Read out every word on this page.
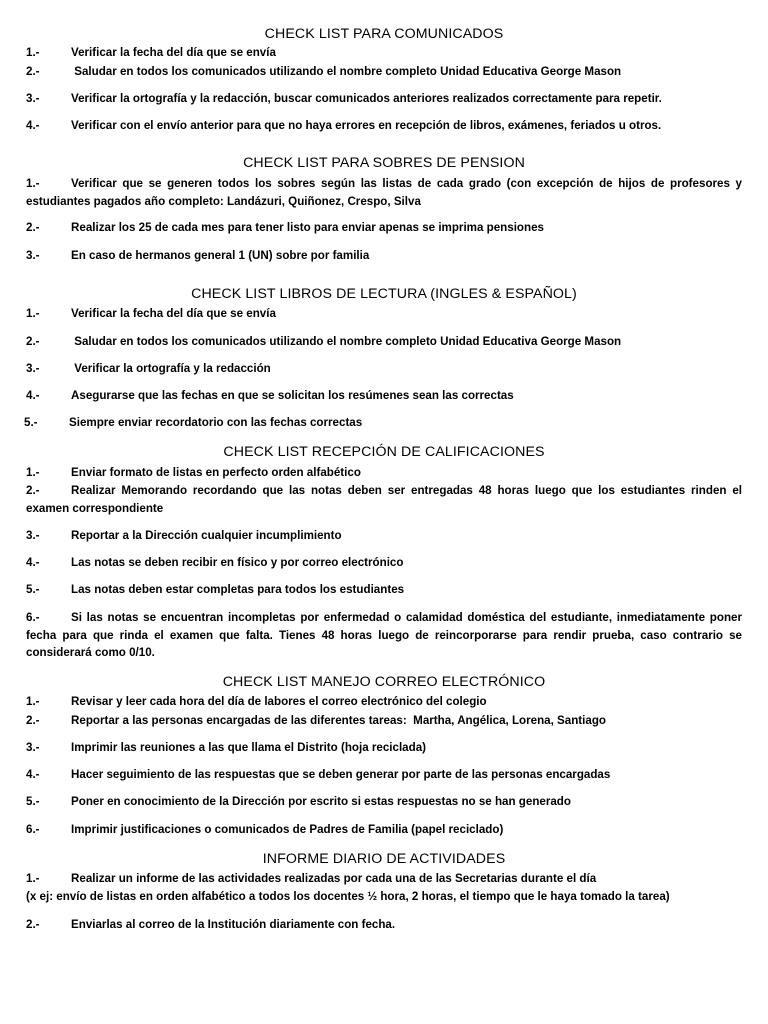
CHECK LIST PARA COMUNICADOS
1.-	Verificar la fecha del día que se envía
2.-	Saludar en todos los comunicados utilizando el nombre completo Unidad Educativa George Mason
3.-	Verificar la ortografía y la redacción, buscar comunicados anteriores realizados correctamente para repetir.
4.-	Verificar con el envío anterior para que no haya errores en recepción de libros, exámenes, feriados u otros.
CHECK LIST PARA SOBRES DE PENSION
1.-	Verificar que se generen todos los sobres según las listas de cada grado (con excepción de hijos de profesores y estudiantes pagados año completo: Landázuri, Quiñonez, Crespo, Silva
2.-	Realizar los 25 de cada mes para tener listo para enviar apenas se imprima pensiones
3.-	En caso de hermanos general 1 (UN) sobre por familia
CHECK LIST LIBROS DE LECTURA (INGLES & ESPAÑOL)
1.-	Verificar la fecha del día que se envía
2.-	Saludar en todos los comunicados utilizando el nombre completo Unidad Educativa George Mason
3.-	Verificar la ortografía y la redacción
4.-	Asegurarse que las fechas en que se solicitan los resúmenes sean las correctas
5.-	Siempre enviar recordatorio con las fechas correctas
CHECK LIST RECEPCIÓN DE CALIFICACIONES
1.-	Enviar formato de listas en perfecto orden alfabético
2.-	Realizar Memorando recordando que las notas deben ser entregadas 48 horas luego que los estudiantes rinden el examen correspondiente
3.-	Reportar a la Dirección cualquier incumplimiento
4.-	Las notas se deben recibir en físico y por correo electrónico
5.-	Las notas deben estar completas para todos los estudiantes
6.-	Si las notas se encuentran incompletas por enfermedad o calamidad doméstica del estudiante, inmediatamente poner fecha para que rinda el examen que falta. Tienes 48 horas luego de reincorporarse para rendir prueba, caso contrario se considerará como 0/10.
CHECK LIST MANEJO CORREO ELECTRÓNICO
1.-	Revisar y leer cada hora del día de labores el correo electrónico del colegio
2.-	Reportar a las personas encargadas de las diferentes tareas:  Martha, Angélica, Lorena, Santiago
3.-	Imprimir las reuniones a las que llama el Distrito (hoja reciclada)
4.-	Hacer seguimiento de las respuestas que se deben generar por parte de las personas encargadas
5.-	Poner en conocimiento de la Dirección por escrito si estas respuestas no se han generado
6.-	Imprimir justificaciones o comunicados de Padres de Familia (papel reciclado)
INFORME DIARIO DE ACTIVIDADES
1.-	Realizar un informe de las actividades realizadas por cada una de las Secretarias durante el día
(x ej: envío de listas en orden alfabético a todos los docentes ½ hora, 2 horas, el tiempo que le haya tomado la tarea)
2.-	Enviarlas al correo de la Institución diariamente con fecha.
